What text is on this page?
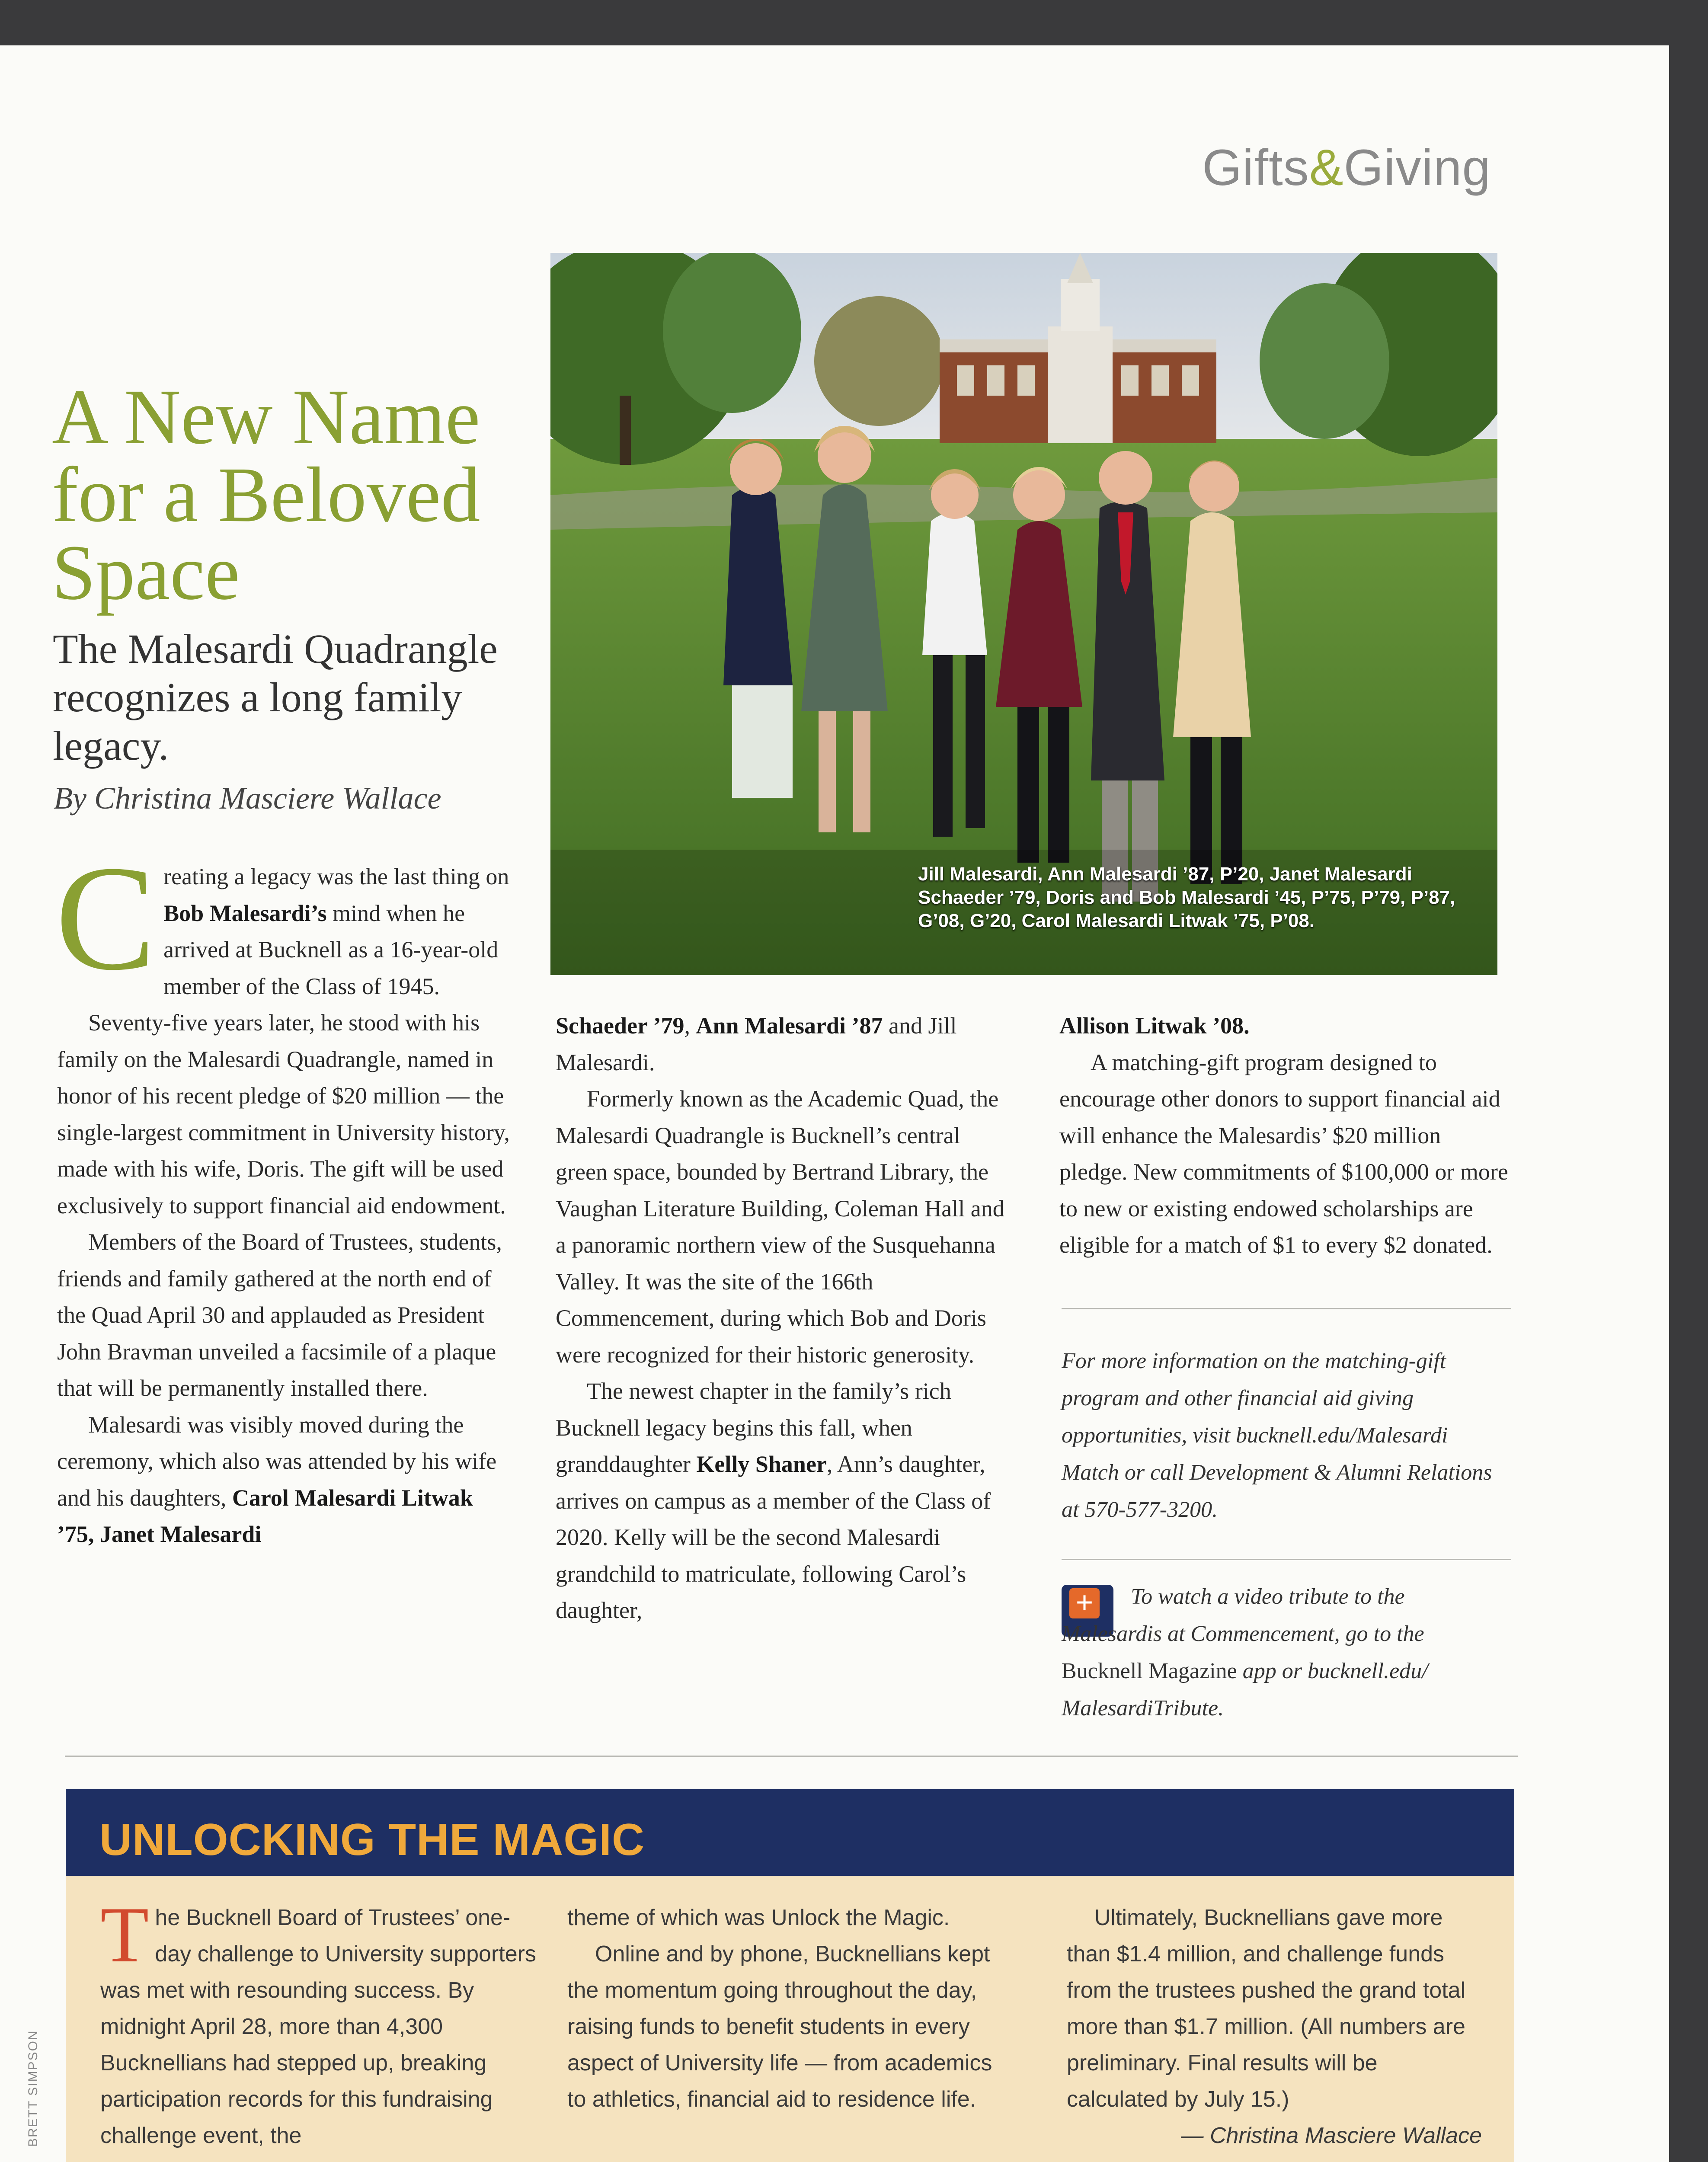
Gifts&Giving
A New Name for a Beloved Space
The Malesardi Quadrangle recognizes a long family legacy.
By Christina Masciere Wallace

Creating a legacy was the last thing on Bob Malesardi’s mind when he arrived at Bucknell as a 16-year-old member of the Class of 1945.

Seventy-five years later, he stood with his family on the Malesardi Quadrangle, named in honor of his recent pledge of $20 million — the single-largest commitment in University history, made with his wife, Doris. The gift will be used exclusively to support financial aid endowment.

Members of the Board of Trustees, students, friends and family gathered at the north end of the Quad April 30 and applauded as President John Bravman unveiled a facsimile of a plaque that will be permanently installed there.

Malesardi was visibly moved during the ceremony, which also was attended by his wife and his daughters, Carol Malesardi Litwak ’75, Janet Malesardi

Jill Malesardi, Ann Malesardi ’87, P’20, Janet Malesardi Schaeder ’79, Doris and Bob Malesardi ’45, P’75, P’79, P’87, G’08, G’20, Carol Malesardi Litwak ’75, P’08.

Schaeder ’79, Ann Malesardi ’87 and Jill Malesardi.

Formerly known as the Academic Quad, the Malesardi Quadrangle is Bucknell’s central green space, bounded by Bertrand Library, the Vaughan Literature Building, Coleman Hall and a panoramic northern view of the Susquehanna Valley. It was the site of the 166th Commencement, during which Bob and Doris were recognized for their historic generosity.

The newest chapter in the family’s rich Bucknell legacy begins this fall, when granddaughter Kelly Shaner, Ann’s daughter, arrives on campus as a member of the Class of 2020. Kelly will be the second Malesardi grandchild to matriculate, following Carol’s daughter,

Allison Litwak ’08.

A matching-gift program designed to encourage other donors to support financial aid will enhance the Malesardis’ $20 million pledge. New commitments of $100,000 or more to new or existing endowed scholarships are eligible for a match of $1 to every $2 donated.

For more information on the matching-gift program and other financial aid giving opportunities, visit bucknell.edu/Malesardi Match or call Development & Alumni Relations at 570-577-3200.
+	To watch a video tribute to the Malesardis at Commencement, go to the Bucknell Magazine app or bucknell.edu/ MalesardiTribute.
UNLOCKING THE MAGIC

The Bucknell Board of Trustees’ one-day challenge to University supporters was met with resounding success. By midnight April 28, more than 4,300 Bucknellians had stepped up, breaking participation records for this fundraising challenge event, the

theme of which was Unlock the Magic.

Online and by phone, Bucknellians kept the momentum going throughout the day, raising funds to benefit students in every aspect of University life — from academics to athletics, financial aid to residence life.

Ultimately, Bucknellians gave more than $1.4 million, and challenge funds from the trustees pushed the grand total more than $1.7 million. (All numbers are preliminary. Final results will be calculated by July 15.)

— Christina Masciere Wallace

BRETT SIMPSON
